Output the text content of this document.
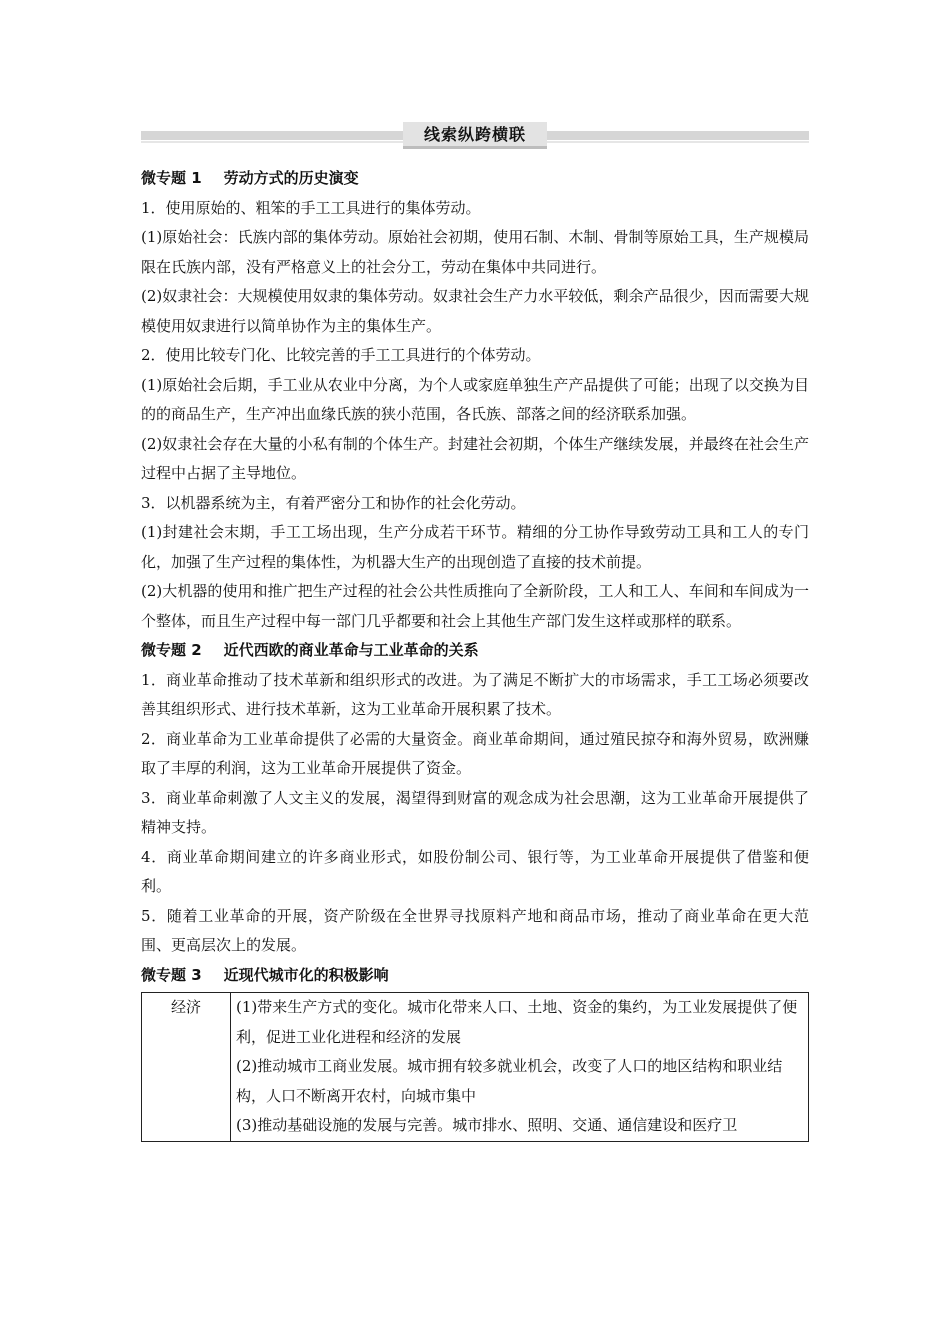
线索纵跨横联
微专题 1 劳动方式的历史演变

1．使用原始的、粗笨的手工工具进行的集体劳动。

(1)原始社会：氏族内部的集体劳动。原始社会初期，使用石制、木制、骨制等原始工具，生产规模局限在氏族内部，没有严格意义上的社会分工，劳动在集体中共同进行。

(2)奴隶社会：大规模使用奴隶的集体劳动。奴隶社会生产力水平较低，剩余产品很少，因而需要大规模使用奴隶进行以简单协作为主的集体生产。

2．使用比较专门化、比较完善的手工工具进行的个体劳动。

(1)原始社会后期，手工业从农业中分离，为个人或家庭单独生产产品提供了可能；出现了以交换为目的的商品生产，生产冲出血缘氏族的狭小范围，各氏族、部落之间的经济联系加强。

(2)奴隶社会存在大量的小私有制的个体生产。封建社会初期，个体生产继续发展，并最终在社会生产过程中占据了主导地位。

3．以机器系统为主，有着严密分工和协作的社会化劳动。

(1)封建社会末期，手工工场出现，生产分成若干环节。精细的分工协作导致劳动工具和工人的专门化，加强了生产过程的集体性，为机器大生产的出现创造了直接的技术前提。

(2)大机器的使用和推广把生产过程的社会公共性质推向了全新阶段，工人和工人、车间和车间成为一个整体，而且生产过程中每一部门几乎都要和社会上其他生产部门发生这样或那样的联系。

微专题 2 近代西欧的商业革命与工业革命的关系

1．商业革命推动了技术革新和组织形式的改进。为了满足不断扩大的市场需求，手工工场必须要改善其组织形式、进行技术革新，这为工业革命开展积累了技术。

2．商业革命为工业革命提供了必需的大量资金。商业革命期间，通过殖民掠夺和海外贸易，欧洲赚取了丰厚的利润，这为工业革命开展提供了资金。

3．商业革命刺激了人文主义的发展，渴望得到财富的观念成为社会思潮，这为工业革命开展提供了精神支持。

4．商业革命期间建立的许多商业形式，如股份制公司、银行等，为工业革命开展提供了借鉴和便利。

5．随着工业革命的开展，资产阶级在全世界寻找原料产地和商品市场，推动了商业革命在更大范围、更高层次上的发展。

微专题 3 近现代城市化的积极影响
经济	(1)带来生产方式的变化。城市化带来人口、土地、资金的集约，为工业发展提供了便利，促进工业化进程和经济的发展
(2)推动城市工商业发展。城市拥有较多就业机会，改变了人口的地区结构和职业结构，人口不断离开农村，向城市集中
(3)推动基础设施的发展与完善。城市排水、照明、交通、通信建设和医疗卫
